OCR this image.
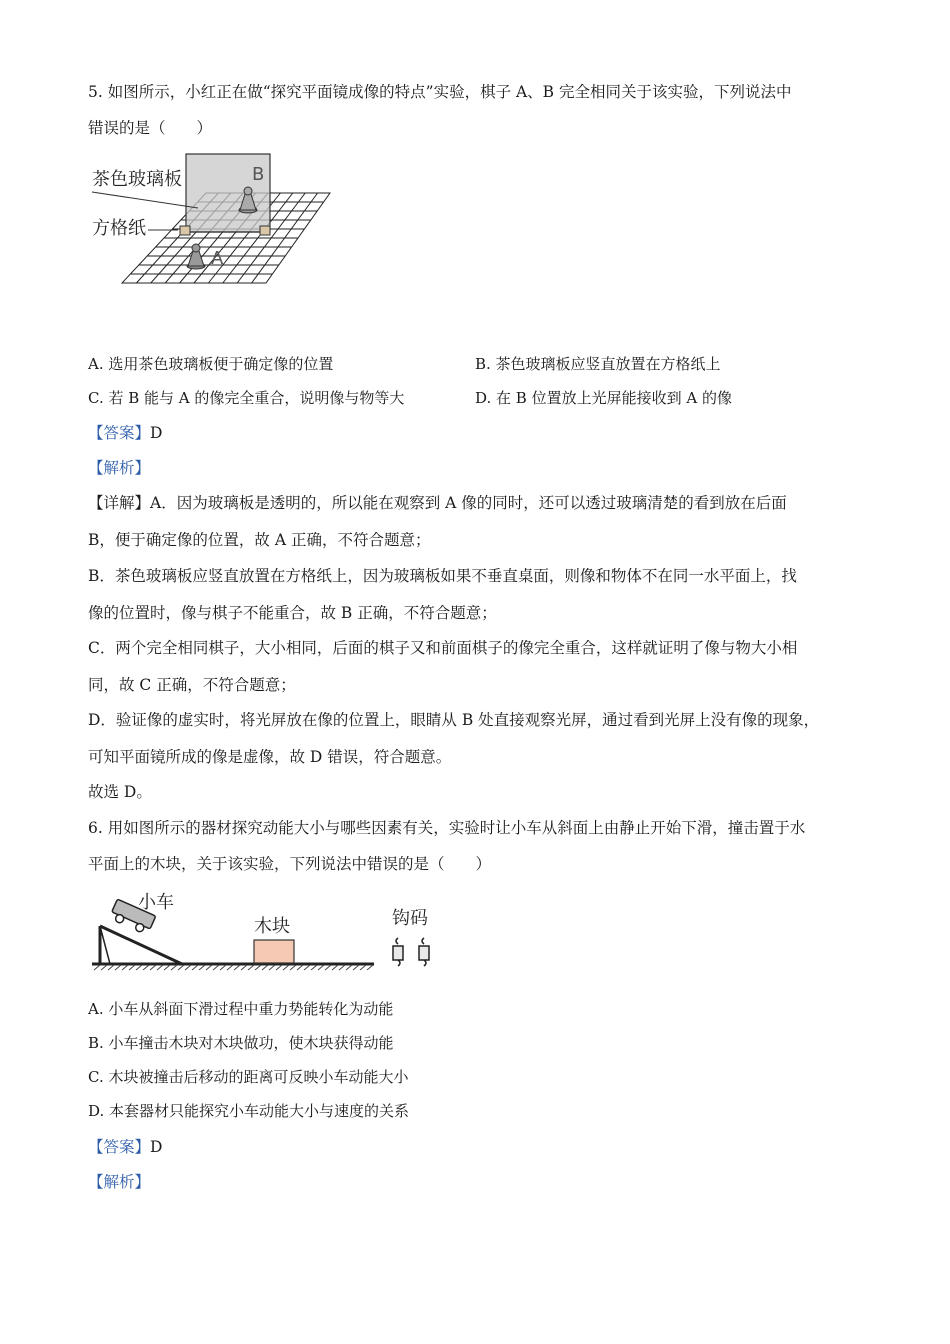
5. 如图所示，小红正在做“探究平面镜成像的特点”实验，棋子 A、B 完全相同关于该实验，下列说法中
错误的是（　　）
茶色玻璃板
方格纸
B
A
A. 选用茶色玻璃板便于确定像的位置	B. 茶色玻璃板应竖直放置在方格纸上
C. 若 B 能与 A 的像完全重合，说明像与物等大	D. 在 B 位置放上光屏能接收到 A 的像
【答案】D
【解析】
【详解】A．因为玻璃板是透明的，所以能在观察到 A 像的同时，还可以透过玻璃清楚的看到放在后面
B，便于确定像的位置，故 A 正确，不符合题意；
B．茶色玻璃板应竖直放置在方格纸上，因为玻璃板如果不垂直桌面，则像和物体不在同一水平面上，找
像的位置时，像与棋子不能重合，故 B 正确，不符合题意；
C．两个完全相同棋子，大小相同，后面的棋子又和前面棋子的像完全重合，这样就证明了像与物大小相
同，故 C 正确，不符合题意；
D．验证像的虚实时，将光屏放在像的位置上，眼睛从 B 处直接观察光屏，通过看到光屏上没有像的现象，
可知平面镜所成的像是虚像，故 D 错误，符合题意。
故选 D。
6. 用如图所示的器材探究动能大小与哪些因素有关，实验时让小车从斜面上由静止开始下滑，撞击置于水
平面上的木块，关于该实验，下列说法中错误的是（　　）
小车
木块	钩码
A. 小车从斜面下滑过程中重力势能转化为动能
B. 小车撞击木块对木块做功，使木块获得动能
C. 木块被撞击后移动的距离可反映小车动能大小
D. 本套器材只能探究小车动能大小与速度的关系
【答案】D
【解析】
